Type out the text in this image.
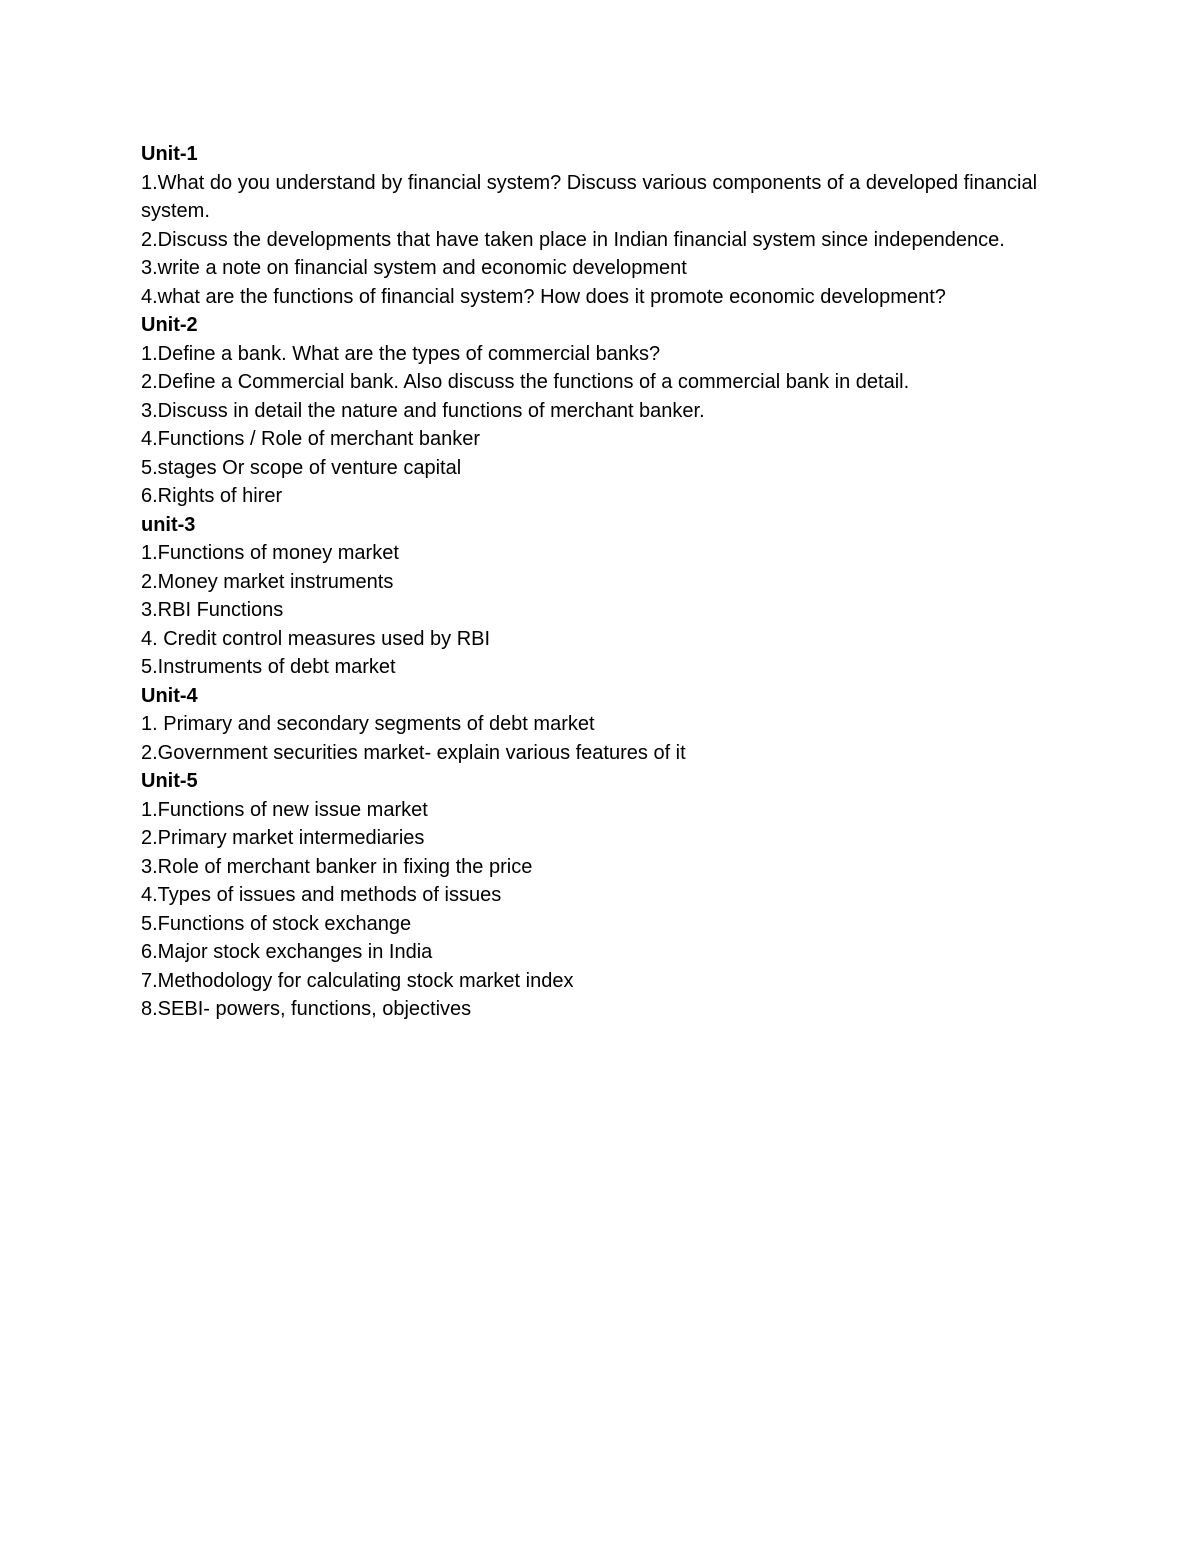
Unit-1
1.What do you understand by financial system? Discuss various components of a developed financial system.
2.Discuss the developments that have taken place in Indian financial system since independence.
3.write a note on financial system and economic development
4.what are the functions of financial system? How does it promote economic development?
Unit-2
1.Define a bank. What are the types of commercial banks?
2.Define a Commercial bank. Also discuss the functions of a commercial bank in detail.
3.Discuss in detail the nature and functions of merchant banker.
4.Functions / Role of merchant banker
5.stages Or scope of venture capital
6.Rights of hirer
unit-3
1.Functions of money market
2.Money market instruments
3.RBI Functions
4. Credit control measures used by RBI
5.Instruments of debt market
Unit-4
1. Primary and secondary segments of debt market
2.Government securities market- explain various features of it
Unit-5
1.Functions of new issue market
2.Primary market intermediaries
3.Role of merchant banker in fixing the price
4.Types of issues and methods of issues
5.Functions of stock exchange
6.Major stock exchanges in India
7.Methodology for calculating stock market index
8.SEBI- powers, functions, objectives
